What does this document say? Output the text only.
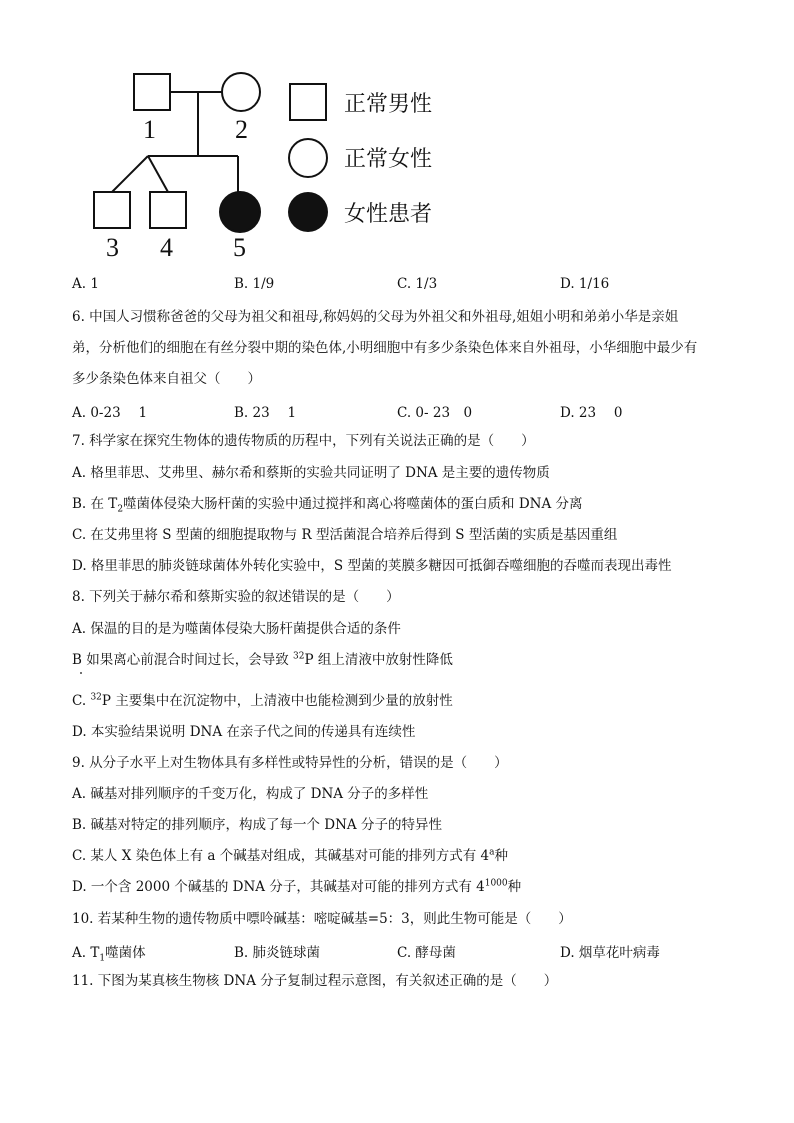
1	2
3 4 5
正常男性
正常女性
女性患者
A. 1	B. 1/9	C. 1/3	D. 1/16
6. 中国人习惯称爸爸的父母为祖父和祖母,称妈妈的父母为外祖父和外祖母,姐姐小明和弟弟小华是亲姐
弟，分析他们的细胞在有丝分裂中期的染色体,小明细胞中有多少条染色体来自外祖母，小华细胞中最少有
多少条染色体来自祖父（　　）
A. 0-23　 1	B. 23　 1	C. 0- 23　0	D. 23　 0
7. 科学家在探究生物体的遗传物质的历程中，下列有关说法正确的是（　　）
A. 格里菲思、艾弗里、赫尔希和蔡斯的实验共同证明了 DNA 是主要的遗传物质
B. 在 $T_2$噬菌体侵染大肠杆菌的实验中通过搅拌和离心将噬菌体的蛋白质和 DNA 分离
C. 在艾弗里将 S 型菌的细胞提取物与 R 型活菌混合培养后得到 S 型活菌的实质是基因重组
D. 格里菲思的肺炎链球菌体外转化实验中，S 型菌的荚膜多糖因可抵御吞噬细胞的吞噬而表现出毒性
8. 下列关于赫尔希和蔡斯实验的叙述错误的是（　　）
A. 保温的目的是为噬菌体侵染大肠杆菌提供合适的条件
B 如果离心前混合时间过长，会导致 $^{32}$P 组上清液中放射性降低
C. $^{32}$P 主要集中在沉淀物中，上清液中也能检测到少量的放射性
D. 本实验结果说明 DNA 在亲子代之间的传递具有连续性
9. 从分子水平上对生物体具有多样性或特异性的分析，错误的是（　　）
A. 碱基对排列顺序的千变万化，构成了 DNA 分子的多样性
B. 碱基对特定的排列顺序，构成了每一个 DNA 分子的特异性
C. 某人 X 染色体上有 a 个碱基对组成，其碱基对可能的排列方式有 4$^a$种
D. 一个含 2000 个碱基的 DNA 分子，其碱基对可能的排列方式有 $4^{1000}$种
10. 若某种生物的遗传物质中嘌呤碱基：嘧啶碱基=5：3，则此生物可能是（　　）
A. $T_1$噬菌体	B. 肺炎链球菌	C. 酵母菌	D. 烟草花叶病毒
11. 下图为某真核生物核 DNA 分子复制过程示意图，有关叙述正确的是（　　）
